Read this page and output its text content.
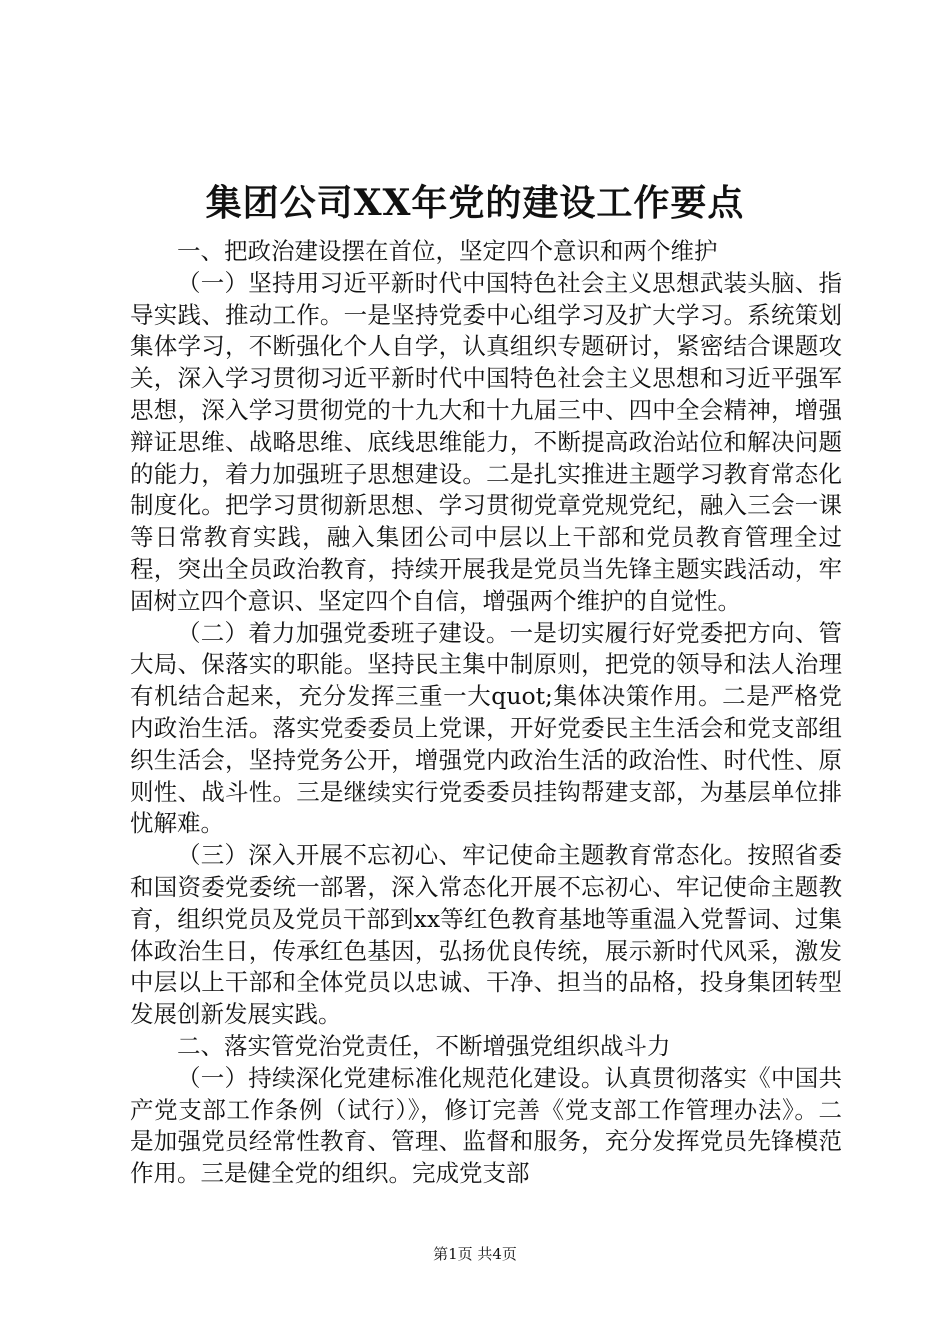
集团公司XX年党的建设工作要点

一、把政治建设摆在首位，坚定四个意识和两个维护

（一）坚持用习近平新时代中国特色社会主义思想武装头脑、指导实践、推动工作。一是坚持党委中心组学习及扩大学习。系统策划集体学习，不断强化个人自学，认真组织专题研讨，紧密结合课题攻关，深入学习贯彻习近平新时代中国特色社会主义思想和习近平强军思想，深入学习贯彻党的十九大和十九届三中、四中全会精神，增强辩证思维、战略思维、底线思维能力，不断提高政治站位和解决问题的能力，着力加强班子思想建设。二是扎实推进主题学习教育常态化制度化。把学习贯彻新思想、学习贯彻党章党规党纪，融入三会一课等日常教育实践，融入集团公司中层以上干部和党员教育管理全过程，突出全员政治教育，持续开展我是党员当先锋主题实践活动，牢固树立四个意识、坚定四个自信，增强两个维护的自觉性。

（二）着力加强党委班子建设。一是切实履行好党委把方向、管大局、保落实的职能。坚持民主集中制原则，把党的领导和法人治理有机结合起来，充分发挥三重一大quot;集体决策作用。二是严格党内政治生活。落实党委委员上党课，开好党委民主生活会和党支部组织生活会，坚持党务公开，增强党内政治生活的政治性、时代性、原则性、战斗性。三是继续实行党委委员挂钩帮建支部，为基层单位排忧解难。

（三）深入开展不忘初心、牢记使命主题教育常态化。按照省委和国资委党委统一部署，深入常态化开展不忘初心、牢记使命主题教育，组织党员及党员干部到xx等红色教育基地等重温入党誓词、过集体政治生日，传承红色基因，弘扬优良传统，展示新时代风采，激发中层以上干部和全体党员以忠诚、干净、担当的品格，投身集团转型发展创新发展实践。

二、落实管党治党责任，不断增强党组织战斗力

（一）持续深化党建标准化规范化建设。认真贯彻落实《中国共产党支部工作条例（试行）》，修订完善《党支部工作管理办法》。二是加强党员经常性教育、管理、监督和服务，充分发挥党员先锋模范作用。三是健全党的组织。完成党支部

第1页 共4页
